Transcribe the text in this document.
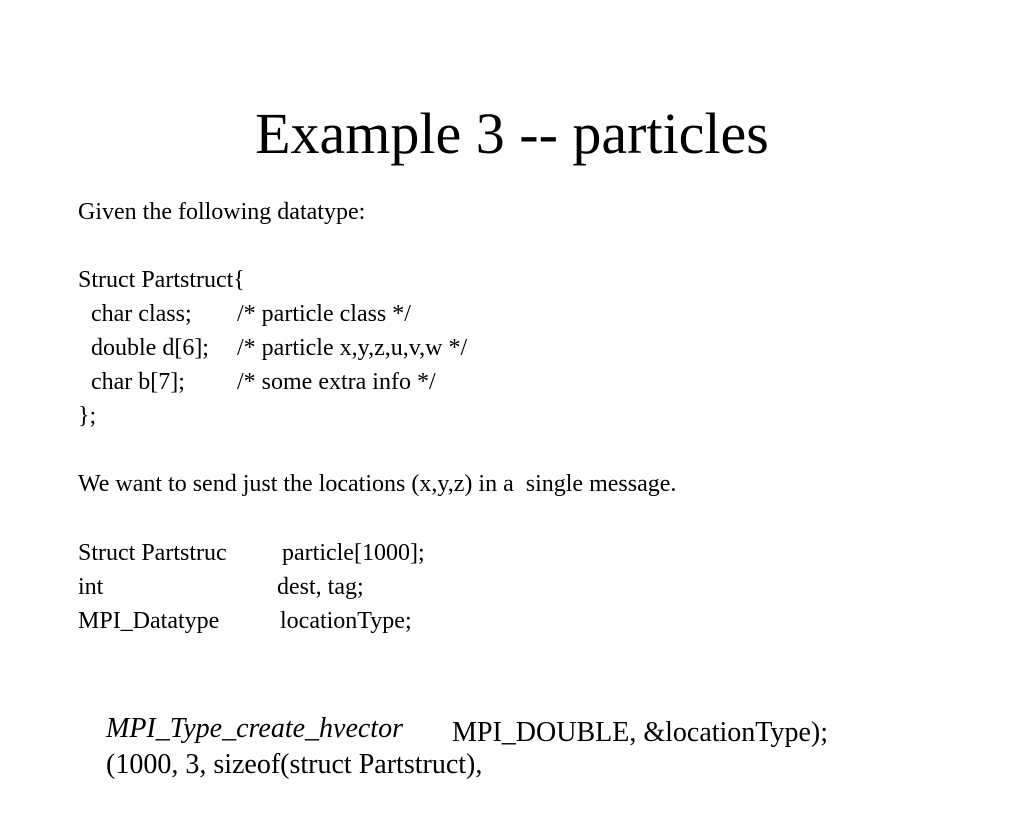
Example 3 -- particles
Given the following datatype:
Struct Partstruct{
char class; /* particle class */
double d[6]; /* particle x,y,z,u,v,w */
char b[7]; /* some extra info */
};
We want to send just the locations (x,y,z) in a  single message.
Struct Partstruc particle[1000];
int	dest, tag;
MPI_Datatype	locationType;

MPI_Type_create_hvector
(1000, 3, sizeof(struct Partstruct),

MPI_DOUBLE, &locationType);
